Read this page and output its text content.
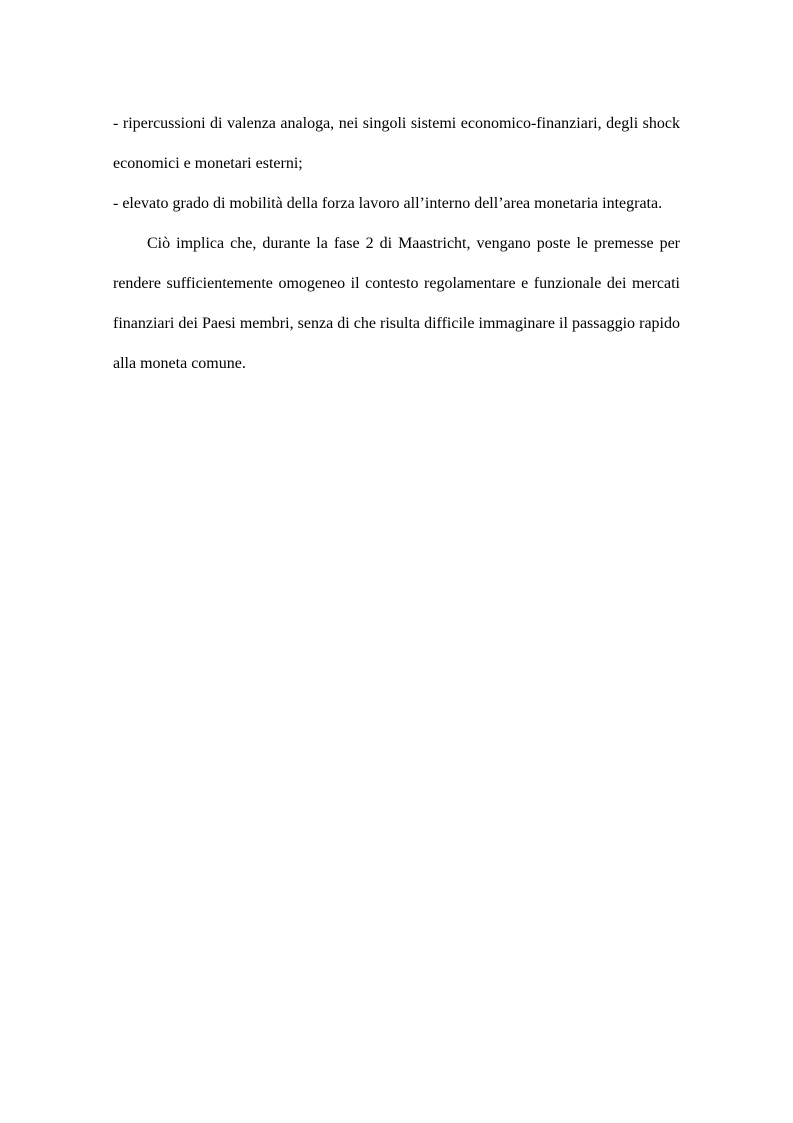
- ripercussioni di valenza analoga, nei singoli sistemi economico-finanziari, degli shock economici e monetari esterni;

- elevato grado di mobilità della forza lavoro all’interno dell’area monetaria integrata.

Ciò implica che, durante la fase 2 di Maastricht, vengano poste le premesse per rendere sufficientemente omogeneo il contesto regolamentare e funzionale dei mercati finanziari dei Paesi membri, senza di che risulta difficile immaginare il passaggio rapido alla moneta comune.
